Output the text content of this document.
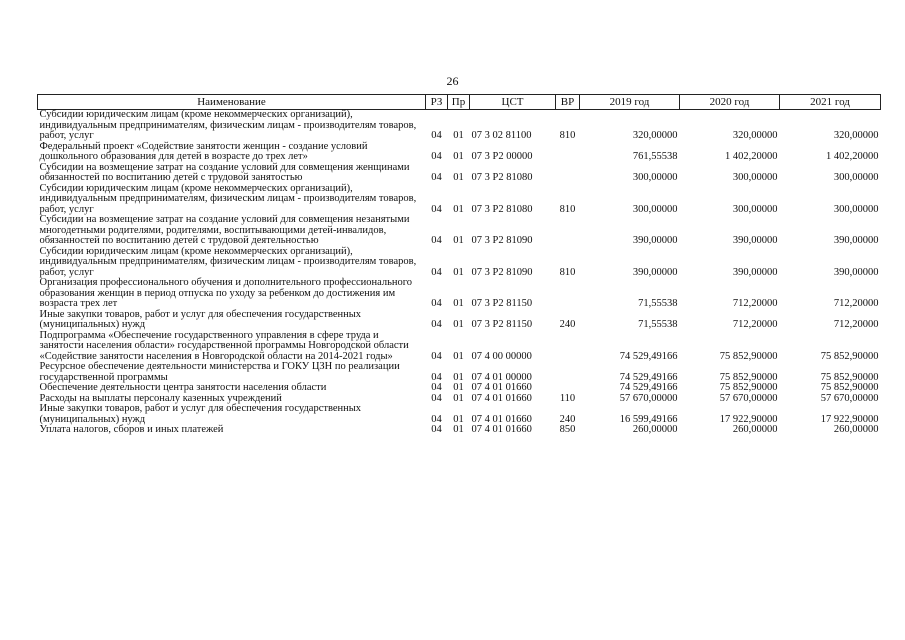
26
Наименование	РЗ	Пр	ЦСТ	ВР	2019 год	2020 год	2021 год
Субсидии юридическим лицам (кроме некоммерческих организаций), индивидуальным предпринимателям, физическим лицам - производителям товаров, работ, услуг	04	01	07 3 02 81100	810	320,00000	320,00000	320,00000
Федеральный проект «Содействие занятости женщин - создание условий дошкольного образования для детей в возрасте до трех лет»	04	01	07 3 P2 00000		761,55538	1 402,20000	1 402,20000
Субсидии на возмещение затрат на создание условий для совмещения женщинами обязанностей по воспитанию детей с трудовой занятостью	04	01	07 3 P2 81080		300,00000	300,00000	300,00000
Субсидии юридическим лицам (кроме некоммерческих организаций), индивидуальным предпринимателям, физическим лицам - производителям товаров, работ, услуг	04	01	07 3 P2 81080	810	300,00000	300,00000	300,00000
Субсидии на возмещение затрат на создание условий для совмещения незанятыми многодетными родителями, родителями, воспитывающими детей-инвалидов, обязанностей по воспитанию детей с трудовой деятельностью	04	01	07 3 P2 81090		390,00000	390,00000	390,00000
Субсидии юридическим лицам (кроме некоммерческих организаций), индивидуальным предпринимателям, физическим лицам - производителям товаров, работ, услуг	04	01	07 3 P2 81090	810	390,00000	390,00000	390,00000
Организация профессионального обучения и дополнительного профессионального образования женщин в период отпуска по уходу за ребенком до достижения им возраста трех лет	04	01	07 3 P2 81150		71,55538	712,20000	712,20000
Иные закупки товаров, работ и услуг для обеспечения государственных (муниципальных) нужд	04	01	07 3 P2 81150	240	71,55538	712,20000	712,20000
Подпрограмма «Обеспечение государственного управления в сфере труда и занятости населения области» государственной программы Новгородской области «Содействие занятости населения в Новгородской области на 2014-2021 годы»	04	01	07 4 00 00000		74 529,49166	75 852,90000	75 852,90000
Ресурсное обеспечение деятельности министерства и ГОКУ ЦЗН по реализации государственной программы	04	01	07 4 01 00000		74 529,49166	75 852,90000	75 852,90000
Обеспечение деятельности центра занятости населения области	04	01	07 4 01 01660		74 529,49166	75 852,90000	75 852,90000
Расходы на выплаты персоналу казенных учреждений	04	01	07 4 01 01660	110	57 670,00000	57 670,00000	57 670,00000
Иные закупки товаров, работ и услуг для обеспечения государственных (муниципальных) нужд	04	01	07 4 01 01660	240	16 599,49166	17 922,90000	17 922,90000
Уплата налогов, сборов и иных платежей	04	01	07 4 01 01660	850	260,00000	260,00000	260,00000
